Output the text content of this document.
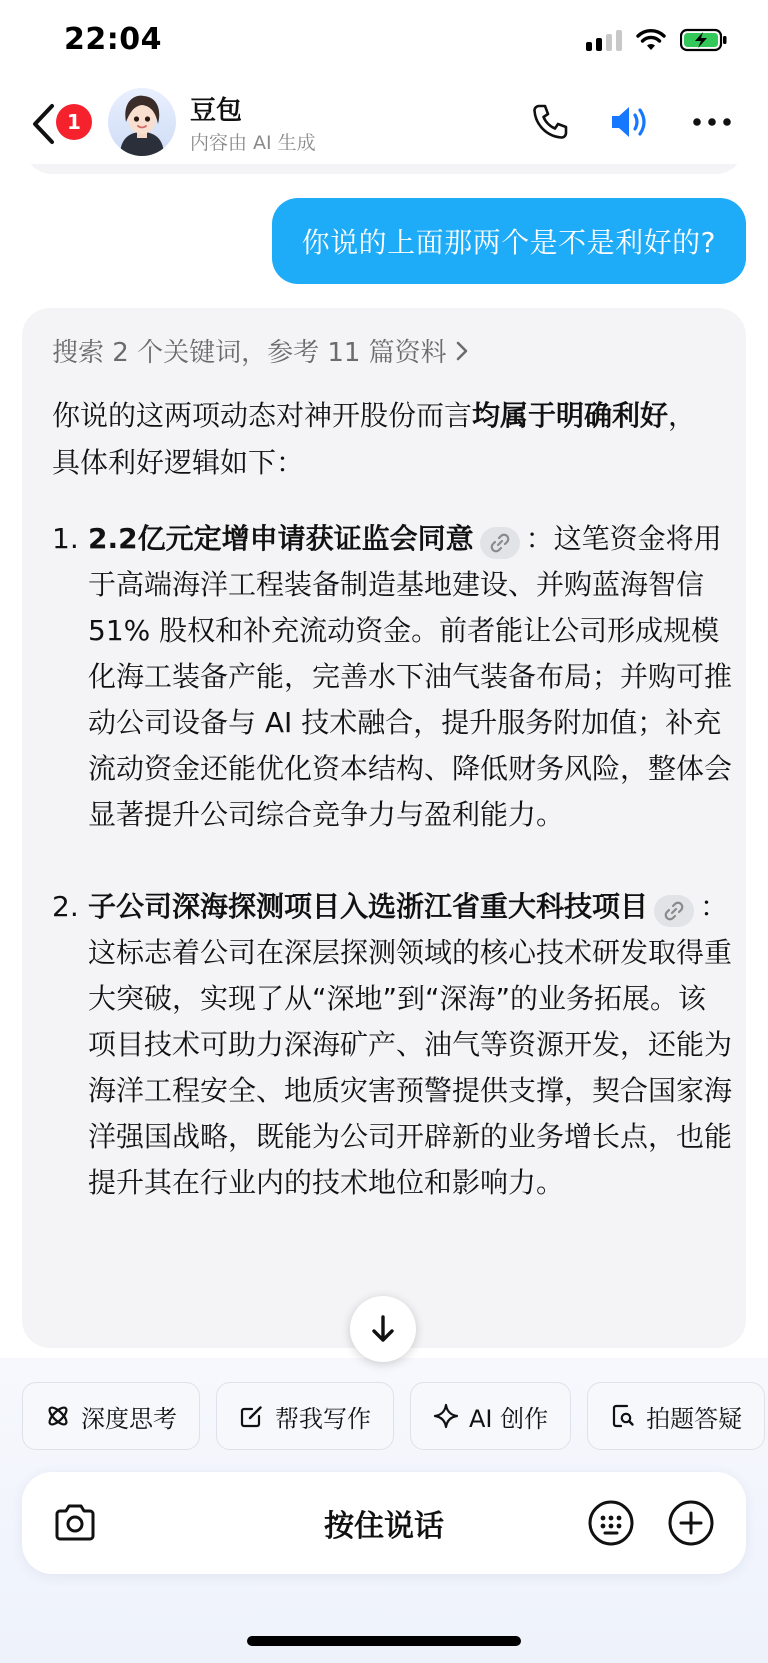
22:04
1	豆包
内容由 AI 生成
你说的上面那两个是不是利好的?
搜索 2 个关键词，参考 11 篇资料
你说的这两项动态对神开股份而言均属于明确利好，具体利好逻辑如下：
1. 2.2亿元定增申请获证监会同意 ：这笔资金将用于高端海洋工程装备制造基地建设、并购蓝海智信 51% 股权和补充流动资金。前者能让公司形成规模化海工装备产能，完善水下油气装备布局；并购可推动公司设备与 AI 技术融合，提升服务附加值；补充流动资金还能优化资本结构、降低财务风险，整体会显著提升公司综合竞争力与盈利能力。
2. 子公司深海探测项目入选浙江省重大科技项目 ：这标志着公司在深层探测领域的核心技术研发取得重大突破，实现了从“深地”到“深海”的业务拓展。该项目技术可助力深海矿产、油气等资源开发，还能为海洋工程安全、地质灾害预警提供支撑，契合国家海洋强国战略，既能为公司开辟新的业务增长点，也能提升其在行业内的技术地位和影响力。
深度思考	帮我写作	AI 创作	拍题答疑
按住说话
